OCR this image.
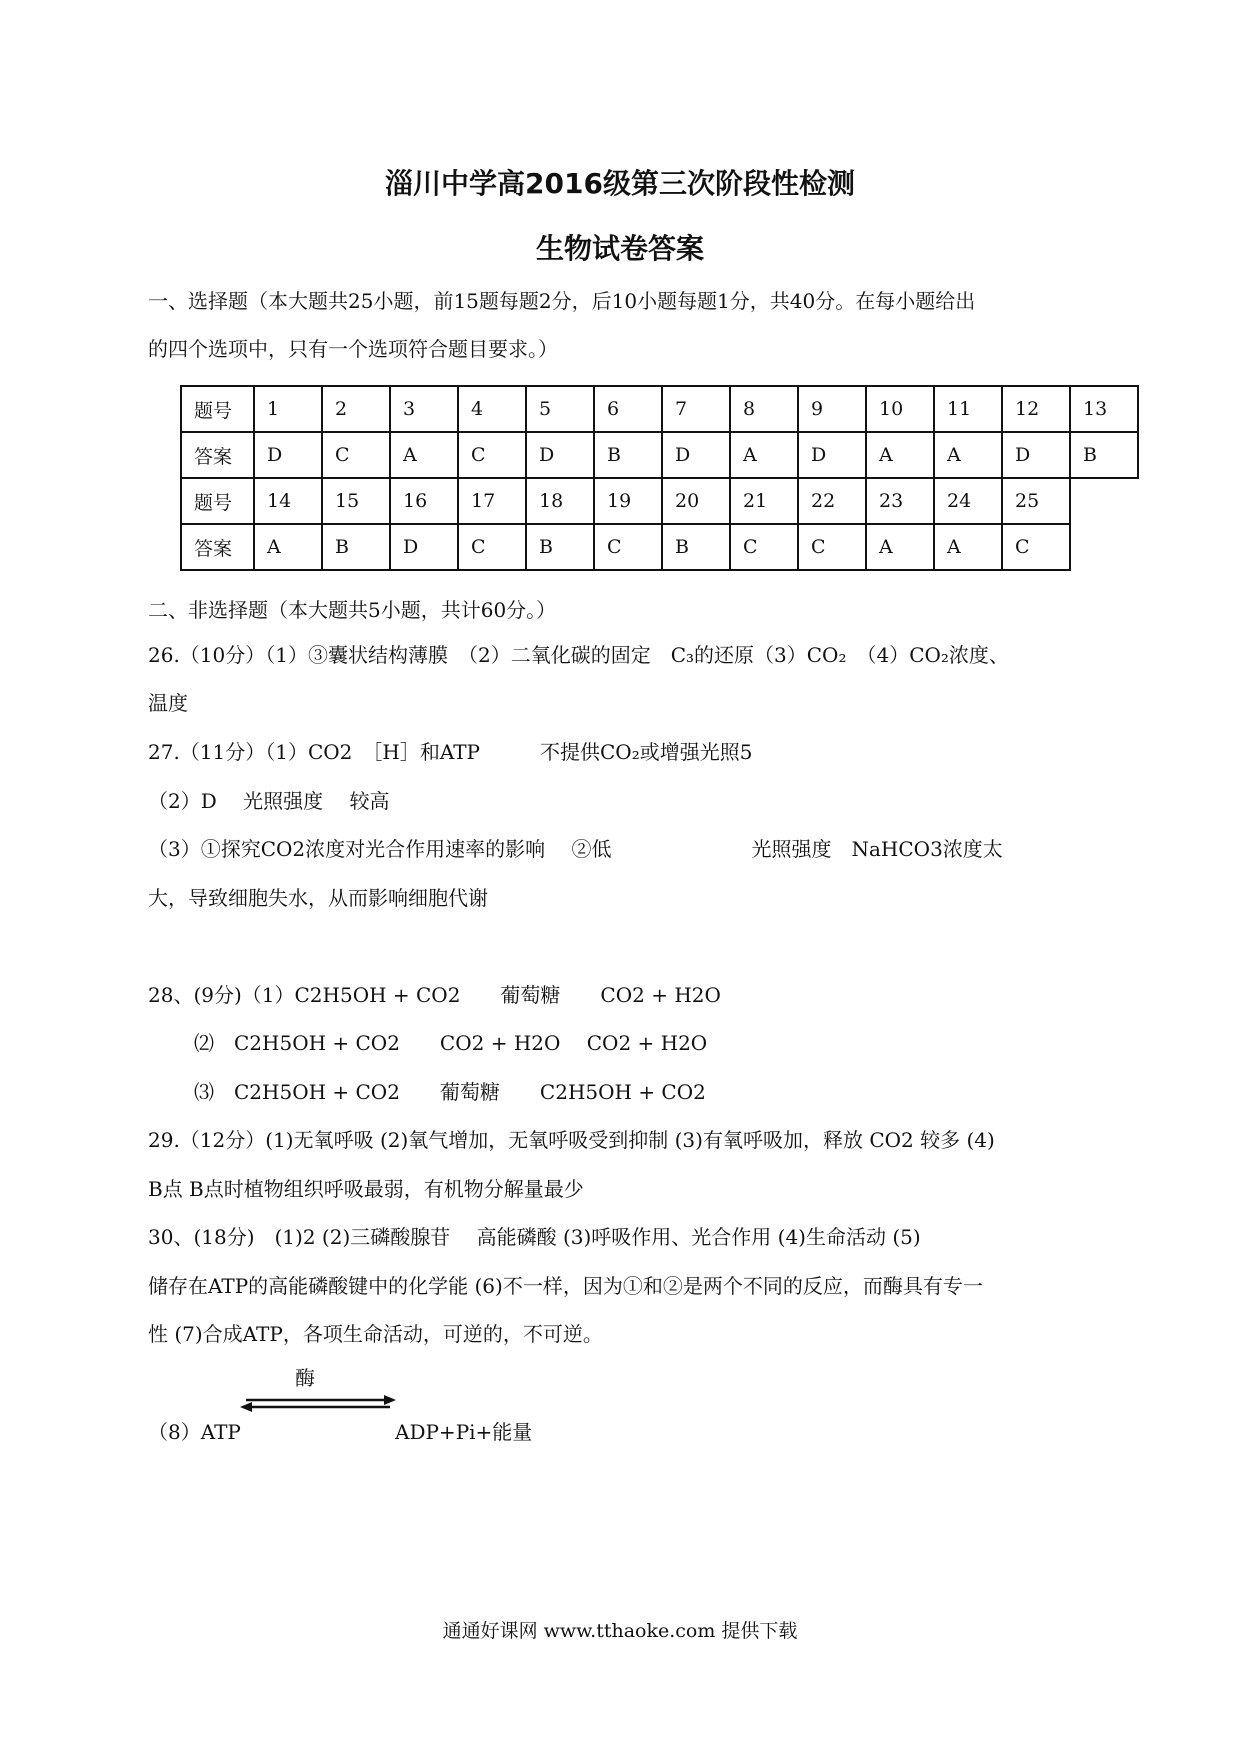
淄川中学高2016级第三次阶段性检测
生物试卷答案
一、选择题（本大题共25小题，前15题每题2分，后10小题每题1分，共40分。在每小题给出
的四个选项中，只有一个选项符合题目要求。）
题号	1	2	3	4	5	6	7	8	9	10	11	12	13
答案	D	C	A	C	D	B	D	A	D	A	A	D	B
题号	14	15	16	17	18	19	20	21	22	23	24	25	
答案	A	B	D	C	B	C	B	C	C	A	A	C	
二、非选择题（本大题共5小题，共计60分。）
26.（10分）（1）③囊状结构薄膜　（2）二氧化碳的固定　C₃的还原（3）CO₂　（4）CO₂浓度、
温度
27.（11分）（1）CO2　［H］和ATP　　　不提供CO₂或增强光照5
（2）D　 光照强度　 较高
（3）①探究CO2浓度对光合作用速率的影响　 ②低　　　　　　　光照强度　NaHCO3浓度太
大，导致细胞失水，从而影响细胞代谢
28、(9分)（1）C2H5OH + CO2　　葡萄糖　　CO2 + H2O
⑵　C2H5OH + CO2　　CO2 + H2O　 CO2 + H2O
⑶　C2H5OH + CO2　　葡萄糖　　C2H5OH + CO2
29.（12分）(1)无氧呼吸 (2)氧气增加，无氧呼吸受到抑制 (3)有氧呼吸加，释放 CO2 较多 (4)
B点 B点时植物组织呼吸最弱，有机物分解量最少
30、(18分)　(1)2 (2)三磷酸腺苷　 高能磷酸 (3)呼吸作用、光合作用 (4)生命活动 (5)
储存在ATP的高能磷酸键中的化学能 (6)不一样，因为①和②是两个不同的反应，而酶具有专一
性 (7)合成ATP，各项生命活动，可逆的，不可逆。
酶
（8）ATP	ADP+Pi+能量
通通好课网 www.tthaoke.com 提供下载
